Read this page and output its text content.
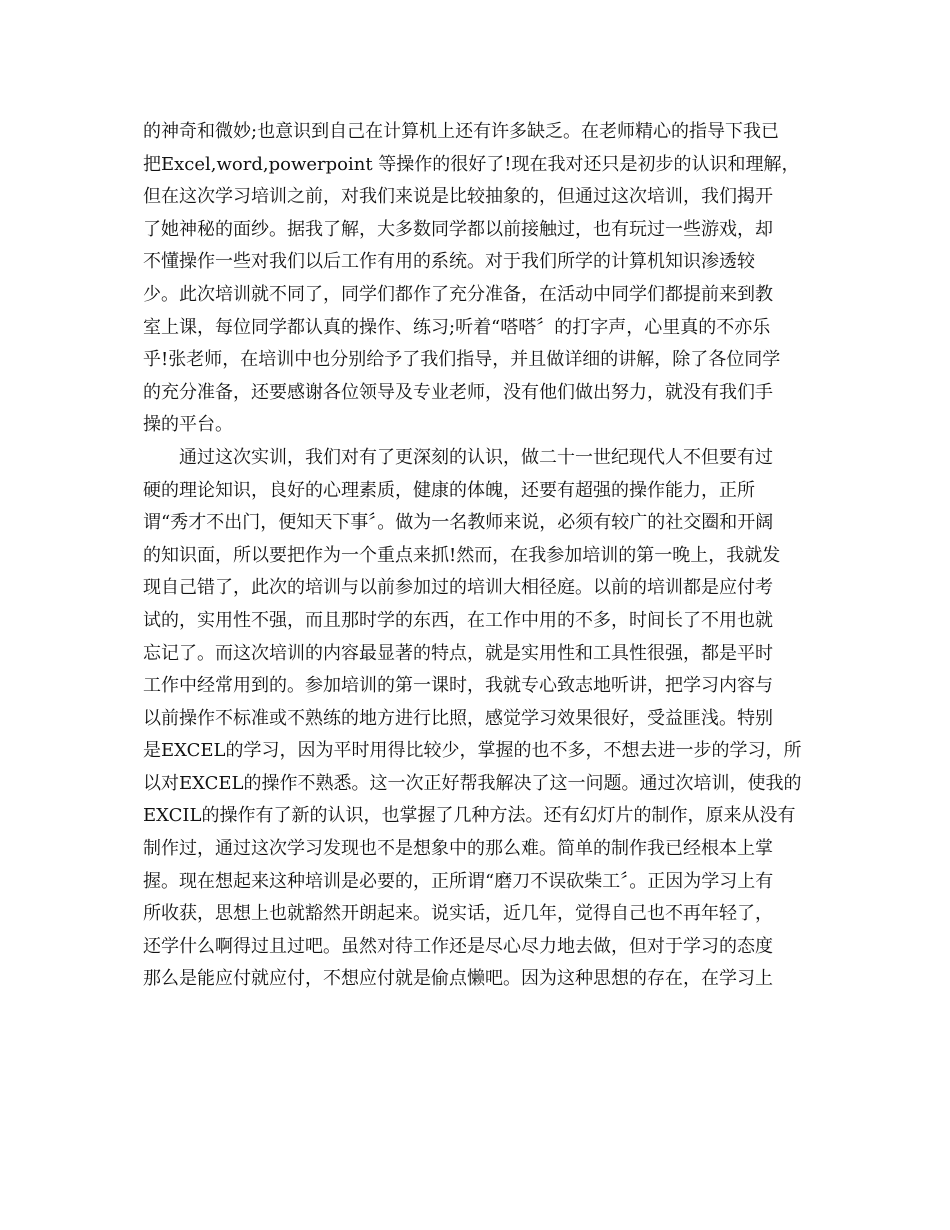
的神奇和微妙;也意识到自己在计算机上还有许多缺乏。在老师精心的指导下我已
把Excel,word,powerpoint 等操作的很好了!现在我对还只是初步的认识和理解，
但在这次学习培训之前，对我们来说是比较抽象的，但通过这次培训，我们揭开
了她神秘的面纱。据我了解，大多数同学都以前接触过，也有玩过一些游戏，却
不懂操作一些对我们以后工作有用的系统。对于我们所学的计算机知识渗透较
少。此次培训就不同了，同学们都作了充分准备，在活动中同学们都提前来到教
室上课，每位同学都认真的操作、练习;听着“嗒嗒〞的打字声，心里真的不亦乐
乎!张老师，在培训中也分别给予了我们指导，并且做详细的讲解，除了各位同学
的充分准备，还要感谢各位领导及专业老师，没有他们做出努力，就没有我们手
操的平台。
通过这次实训，我们对有了更深刻的认识，做二十一世纪现代人不但要有过
硬的理论知识，良好的心理素质，健康的体魄，还要有超强的操作能力，正所
谓“秀才不出门，便知天下事〞。做为一名教师来说，必须有较广的社交圈和开阔
的知识面，所以要把作为一个重点来抓!然而，在我参加培训的第一晚上，我就发
现自己错了，此次的培训与以前参加过的培训大相径庭。以前的培训都是应付考
试的，实用性不强，而且那时学的东西，在工作中用的不多，时间长了不用也就
忘记了。而这次培训的内容最显著的特点，就是实用性和工具性很强，都是平时
工作中经常用到的。参加培训的第一课时，我就专心致志地听讲，把学习内容与
以前操作不标准或不熟练的地方进行比照，感觉学习效果很好，受益匪浅。特别
是EXCEL的学习，因为平时用得比较少，掌握的也不多，不想去进一步的学习，所
以对EXCEL的操作不熟悉。这一次正好帮我解决了这一问题。通过次培训，使我的
EXCIL的操作有了新的认识，也掌握了几种方法。还有幻灯片的制作，原来从没有
制作过，通过这次学习发现也不是想象中的那么难。简单的制作我已经根本上掌
握。现在想起来这种培训是必要的，正所谓“磨刀不误砍柴工〞。正因为学习上有
所收获，思想上也就豁然开朗起来。说实话，近几年，觉得自己也不再年轻了，
还学什么啊得过且过吧。虽然对待工作还是尽心尽力地去做，但对于学习的态度
那么是能应付就应付，不想应付就是偷点懒吧。因为这种思想的存在，在学习上
